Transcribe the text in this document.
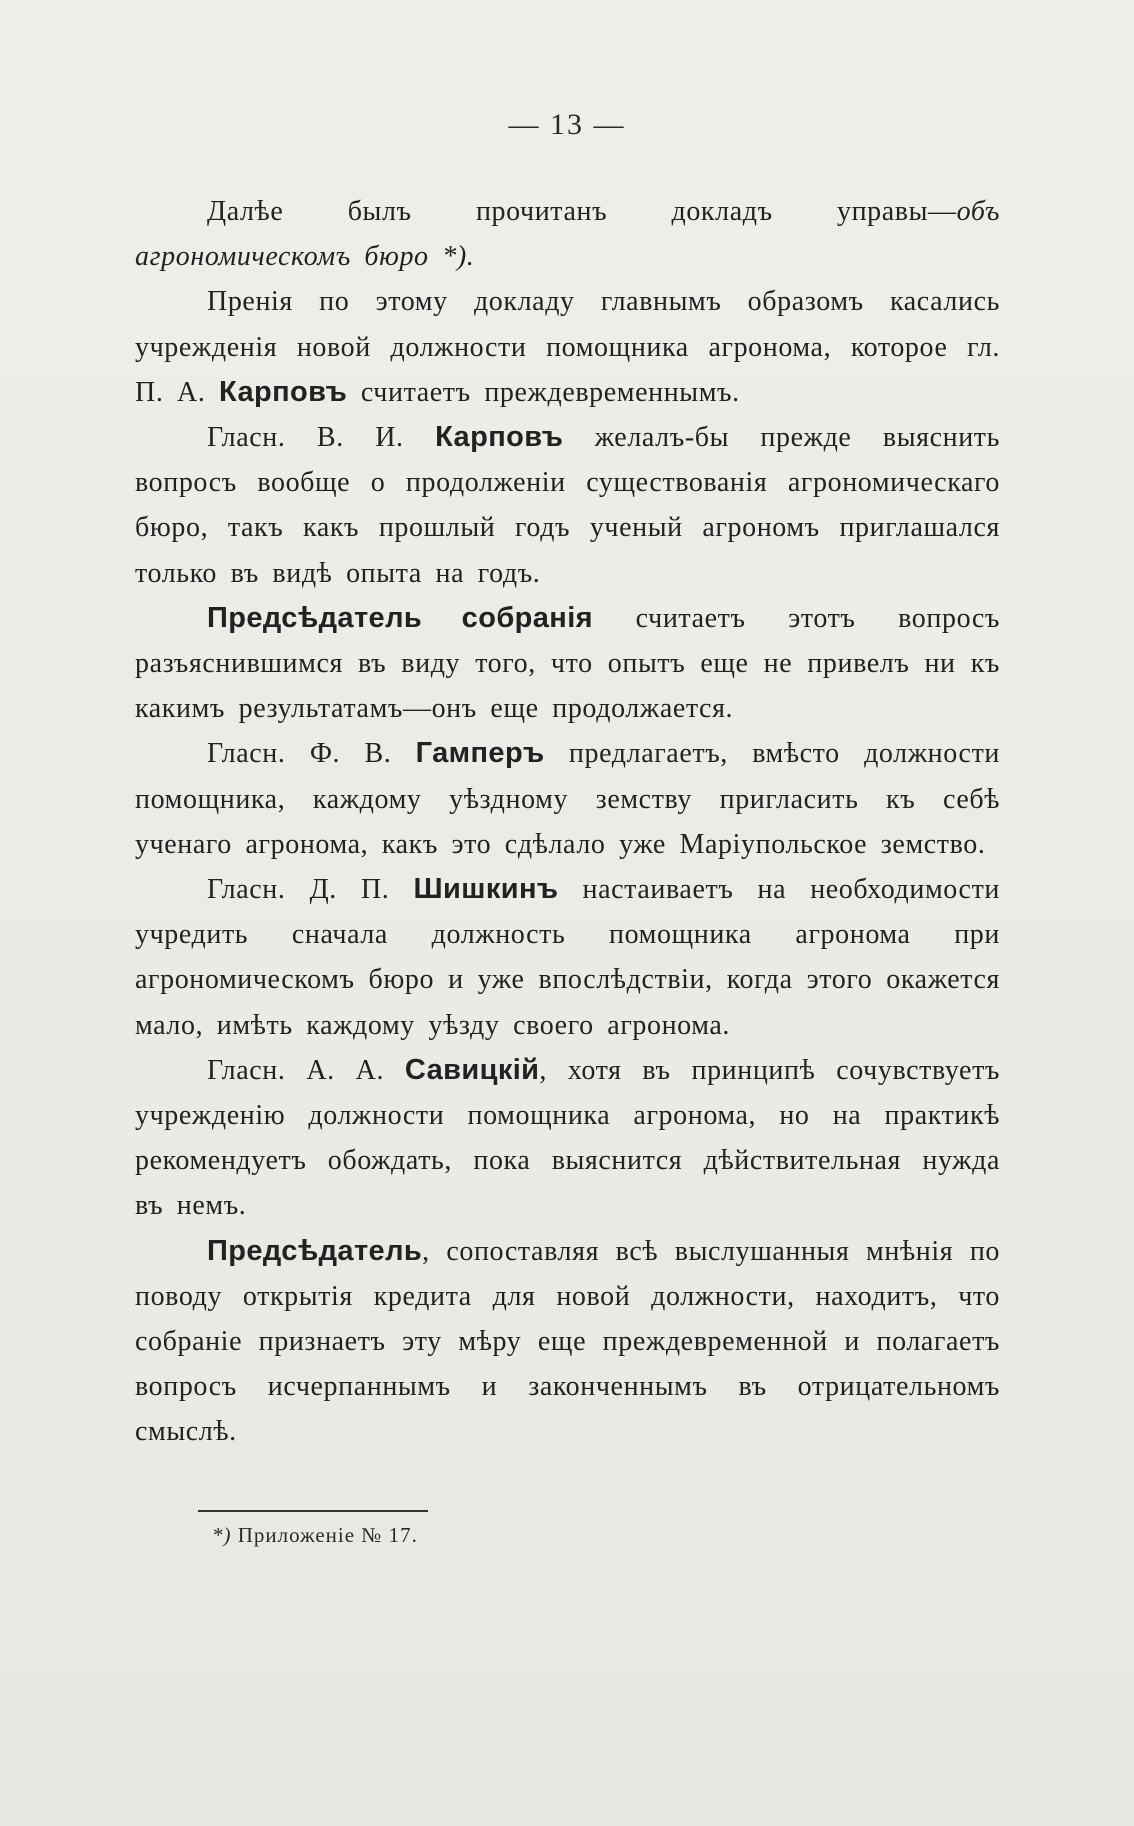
— 13 —

Далѣе былъ прочитанъ докладъ управы—объ агрономическомъ бюро *).

Пренія по этому докладу главнымъ образомъ касались учрежденія новой должности помощника агронома, которое гл. П. А. Карповъ считаетъ преждевременнымъ.

Гласн. В. И. Карповъ желалъ-бы прежде выяснить вопросъ вообще о продолженіи существованія агрономическаго бюро, такъ какъ прошлый годъ ученый агрономъ приглашался только въ видѣ опыта на годъ.

Предсѣдатель собранія считаетъ этотъ вопросъ разъяснившимся въ виду того, что опытъ еще не привелъ ни къ какимъ результатамъ—онъ еще продолжается.

Гласн. Ф. В. Гамперъ предлагаетъ, вмѣсто должности помощника, каждому уѣздному земству пригласить къ себѣ ученаго агронома, какъ это сдѣлало уже Маріупольское земство.

Гласн. Д. П. Шишкинъ настаиваетъ на необходимости учредить сначала должность помощника агронома при агрономическомъ бюро и уже впослѣдствіи, когда этого окажется мало, имѣть каждому уѣзду своего агронома.

Гласн. А. А. Савицкій, хотя въ принципѣ сочувствуетъ учрежденію должности помощника агронома, но на практикѣ рекомендуетъ обождать, пока выяснится дѣйствительная нужда въ немъ.

Предсѣдатель, сопоставляя всѣ выслушанныя мнѣнія по поводу открытія кредита для новой должности, находитъ, что собраніе признаетъ эту мѣру еще преждевременной и полагаетъ вопросъ исчерпаннымъ и законченнымъ въ отрицательномъ смыслѣ.

*) Приложеніе № 17.
